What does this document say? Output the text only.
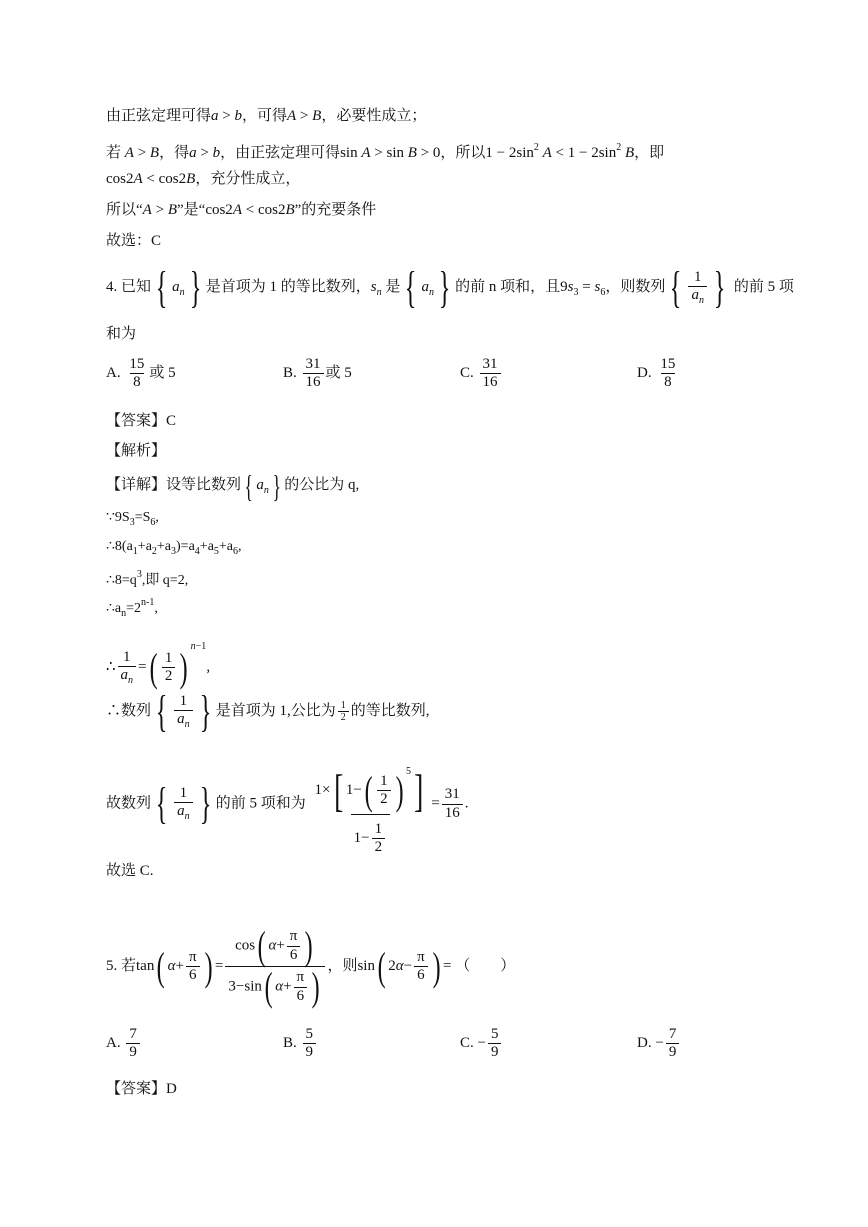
由正弦定理可得a > b，可得A > B，必要性成立；
若 A > B，得a > b，由正弦定理可得sin A > sin B > 0，所以$1 - 2\sin^2$ $A < 1 - 2\sin^2$ B，即
cos2A < cos2B，充分性成立，
所以“A > B”是“cos2A < cos2B”的充要条件
故选：C
4. 已知 { $a_n$ } 是首项为 1 的等比数列，$s_n$ 是 { $a_n$ } 的前 n 项和，且$9s_3 = s_6$，则数列 { $\frac{1}{a_n}$ } 的前 5 项
和为
A. $\frac{15}{8}$ 或 5	B. $\frac{31}{16}$ 或 5	C. $\frac{31}{16}$	D. $\frac{15}{8}$
【答案】C
【解析】
【详解】设等比数列 { $a_n$ } 的公比为 q,
$\because 9S_3=S_6$,
$\therefore 8(a_1+a_2+a_3)=a_4+a_5+a_6$,
$\therefore 8=q^3$,即 q=2,
$\therefore a_n=2^{n-1}$,
∴ $\frac{1}{a_n}$ =( $\frac{1}{2}$ ) $^{n-1}$,
∴数列 { $\frac{1}{a_n}$ } 是首项为 1,公比为 $\frac{1}{2}$ 的等比数列,
故数列 { $\frac{1}{a_n}$ } 的前 5 项和为 $\frac{1\times[ 1-( \frac{1}{2} ) ^5]}{1- \frac{1}{2}} = \frac{31}{16}$ .
故选 C.
5. 若tan( $\alpha+ \frac{\pi}{6}$ ) = $\frac{\cos( \alpha+ \frac{\pi}{6} )}{3-\sin( \alpha+ \frac{\pi}{6} )}$ ，则sin( $2\alpha- \frac{\pi}{6}$ ) = （　　）
A. $\frac{7}{9}$	B. $\frac{5}{9}$	C. − $\frac{5}{9}$	D. − $\frac{7}{9}$
【答案】D
